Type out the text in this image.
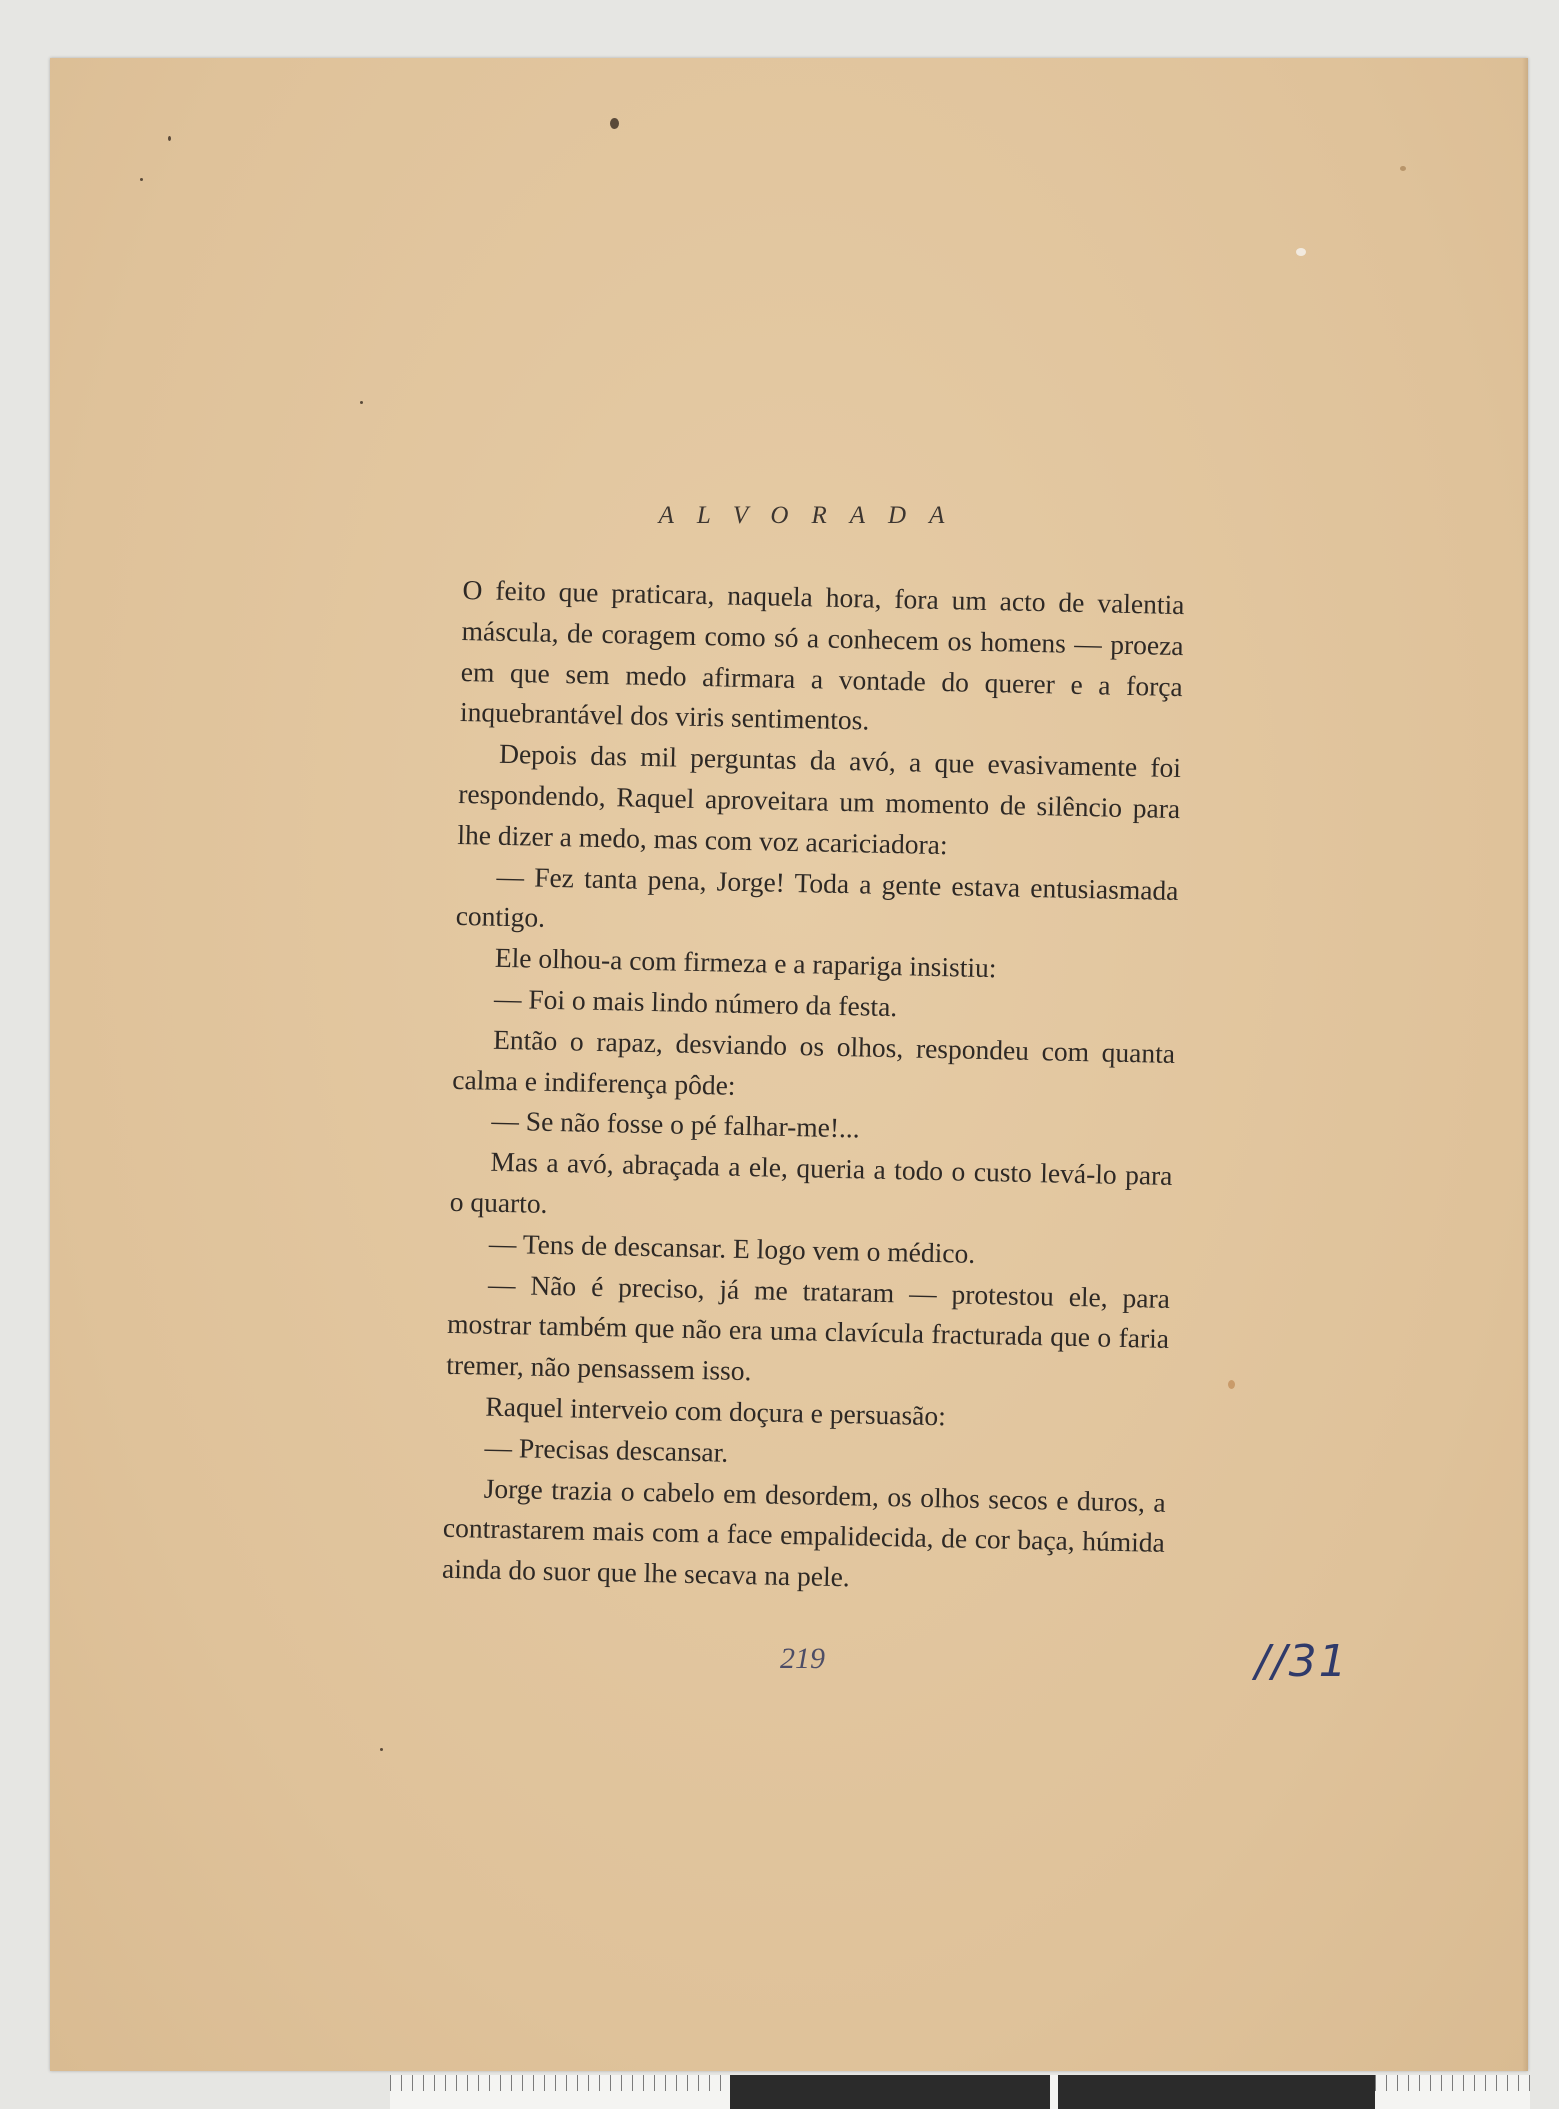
ALVORADA

O feito que praticara, naquela hora, fora um acto de valentia máscula, de coragem como só a conhecem os homens — proeza em que sem medo afirmara a vontade do querer e a força inquebrantável dos viris sentimentos.

Depois das mil perguntas da avó, a que evasivamente foi respondendo, Raquel aproveitara um momento de silêncio para lhe dizer a medo, mas com voz acariciadora:

— Fez tanta pena, Jorge! Toda a gente estava entusiasmada contigo.

Ele olhou-a com firmeza e a rapariga insistiu:

— Foi o mais lindo número da festa.

Então o rapaz, desviando os olhos, respondeu com quanta calma e indiferença pôde:

— Se não fosse o pé falhar-me!...

Mas a avó, abraçada a ele, queria a todo o custo levá-lo para o quarto.

— Tens de descansar. E logo vem o médico.

— Não é preciso, já me trataram — protestou ele, para mostrar também que não era uma clavícula fracturada que o faria tremer, não pensassem isso.

Raquel interveio com doçura e persuasão:

— Precisas descansar.

Jorge trazia o cabelo em desordem, os olhos secos e duros, a contrastarem mais com a face empalidecida, de cor baça, húmida ainda do suor que lhe secava na pele.

219	//31
